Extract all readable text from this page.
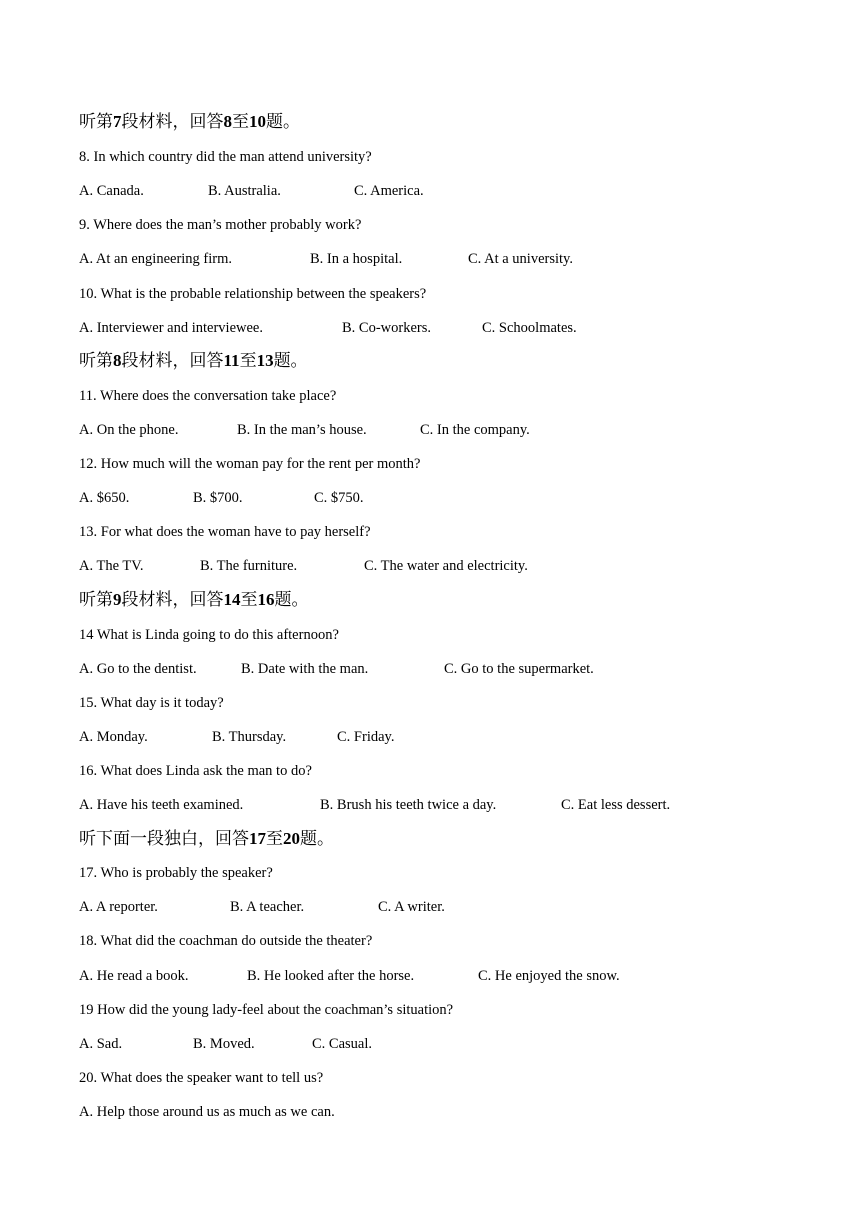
听第7段材料，回答8至10题。
8. In which country did the man attend university?
A. Canada.	B. Australia.	C. America.
9. Where does the man’s mother probably work?
A. At an engineering firm.	B. In a hospital.	C. At a university.
10. What is the probable relationship between the speakers?
A. Interviewer and interviewee.	B. Co-workers.	C. Schoolmates.
听第8段材料，回答11至13题。
11. Where does the conversation take place?
A. On the phone.	B. In the man’s house.	C. In the company.
12. How much will the woman pay for the rent per month?
A. $650.	B. $700.	C. $750.
13. For what does the woman have to pay herself?
A. The TV.	B. The furniture.	C. The water and electricity.
听第9段材料，回答14至16题。
14 What is Linda going to do this afternoon?
A. Go to the dentist.	B. Date with the man.	C. Go to the supermarket.
15. What day is it today?
A. Monday.	B. Thursday.	C. Friday.
16. What does Linda ask the man to do?
A. Have his teeth examined.	B. Brush his teeth twice a day.	C. Eat less dessert.
听下面一段独白，回答17至20题。
17. Who is probably the speaker?
A. A reporter.	B. A teacher.	C. A writer.
18. What did the coachman do outside the theater?
A. He read a book.	B. He looked after the horse.	C. He enjoyed the snow.
19 How did the young lady-feel about the coachman’s situation?
A. Sad.	B. Moved.	C. Casual.
20. What does the speaker want to tell us?
A. Help those around us as much as we can.
